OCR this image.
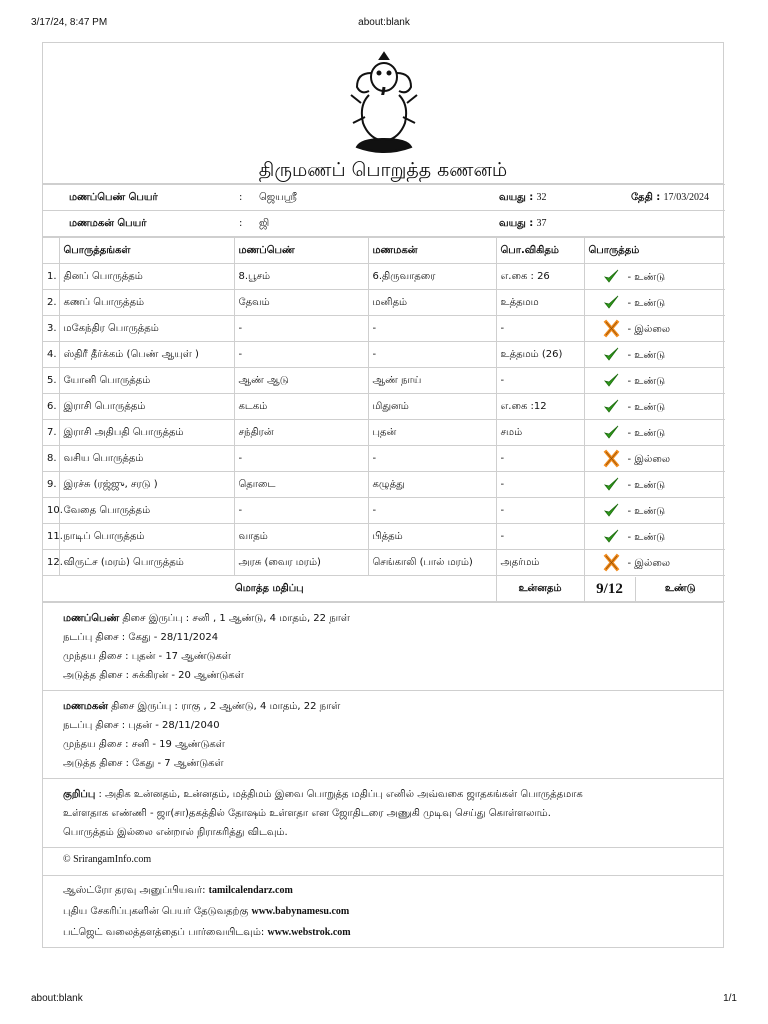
3/17/24, 8:47 PM	about:blank
திருமணப் பொறுத்த கணனம்
	மணப்பெண் பெயர்	:	ஜெயஸ்ரீ	வயது : 32	தேதி : 17/03/2024
	மணமகன் பெயர்	:	ஜி	வயது : 37	
	பொருத்தங்கள்	மணப்பெண்	மணமகன்	பொ.விகிதம்	பொருத்தம்
1.	தினப் பொருத்தம்	8.பூசம்	6.திருவாதரை	எ.கை : 26	- உண்டு
2.	கணப் பொருத்தம்	தேவம்	மனிதம்	உத்தமம	- உண்டு
3.	மகேந்திர பொருத்தம்	-	-	-	- இல்லை
4.	ஸ்திரீ தீர்க்கம் (பெண் ஆயுள் )	-	-	உத்தமம் (26)	- உண்டு
5.	யோனி பொருத்தம்	ஆண் ஆடு	ஆண் நாய்	-	- உண்டு
6.	இராசி பொருத்தம்	கடகம்	மிதுனம்	எ.கை :12	- உண்டு
7.	இராசி அதிபதி பொருத்தம்	சந்திரன்	புதன்	சமம்	- உண்டு
8.	வசிய பொருத்தம்	-	-	-	- இல்லை
9.	இரச்சு (ரஜ்ஜு, சரடு )	தொடை	கழுத்து	-	- உண்டு
10.	வேதை பொருத்தம்	-	-	-	- உண்டு
11.	நாடிப் பொருத்தம்	வாதம்	பித்தம்	-	- உண்டு
12.	விருட்ச (மரம்) பொருத்தம்	அரசு (வைர மரம்)	செங்காலி (பால் மரம்)	அதர்மம்	- இல்லை
மொத்த மதிப்பு				உன்னதம்	9/12 உண்டு
மணப்பெண் திசை இருப்பு : சனி , 1 ஆண்டு, 4 மாதம், 22 நாள்
நடப்பு திசை : கேது - 28/11/2024
முந்தய திசை : புதன் - 17 ஆண்டுகள்
அடுத்த திசை : சுக்கிரன் - 20 ஆண்டுகள்
மணமகன் திசை இருப்பு : ராகு , 2 ஆண்டு, 4 மாதம், 22 நாள்
நடப்பு திசை : புதன் - 28/11/2040
முந்தய திசை : சனி - 19 ஆண்டுகள்
அடுத்த திசை : கேது - 7 ஆண்டுகள்
குறிப்பு : அதிக உன்னதம், உன்னதம், மத்திமம் இவை பொறுத்த மதிப்பு எனில் அவ்வகை ஜாதகங்கள் பொருத்தமாக
உள்ளதாக எண்ணி - ஜா(சா)தகத்தில் தோஷம் உள்ளதா என ஜோதிடரை அணுகி முடிவு செய்து கொள்ளலாம்.
பொருத்தம் இல்லை என்றால் நிராகரித்து விடவும்.
© SrirangamInfo.com
ஆஸ்ட்ரோ தரவு அனுப்பியவர்: tamilcalendarz.com
புதிய சேகரிப்புகளின் பெயர் தேடுவதற்கு www.babynamesu.com
பட்ஜெட் வலைத்தளத்தைப் பார்வையிடவும்: www.webstrok.com
about:blank	1/1
